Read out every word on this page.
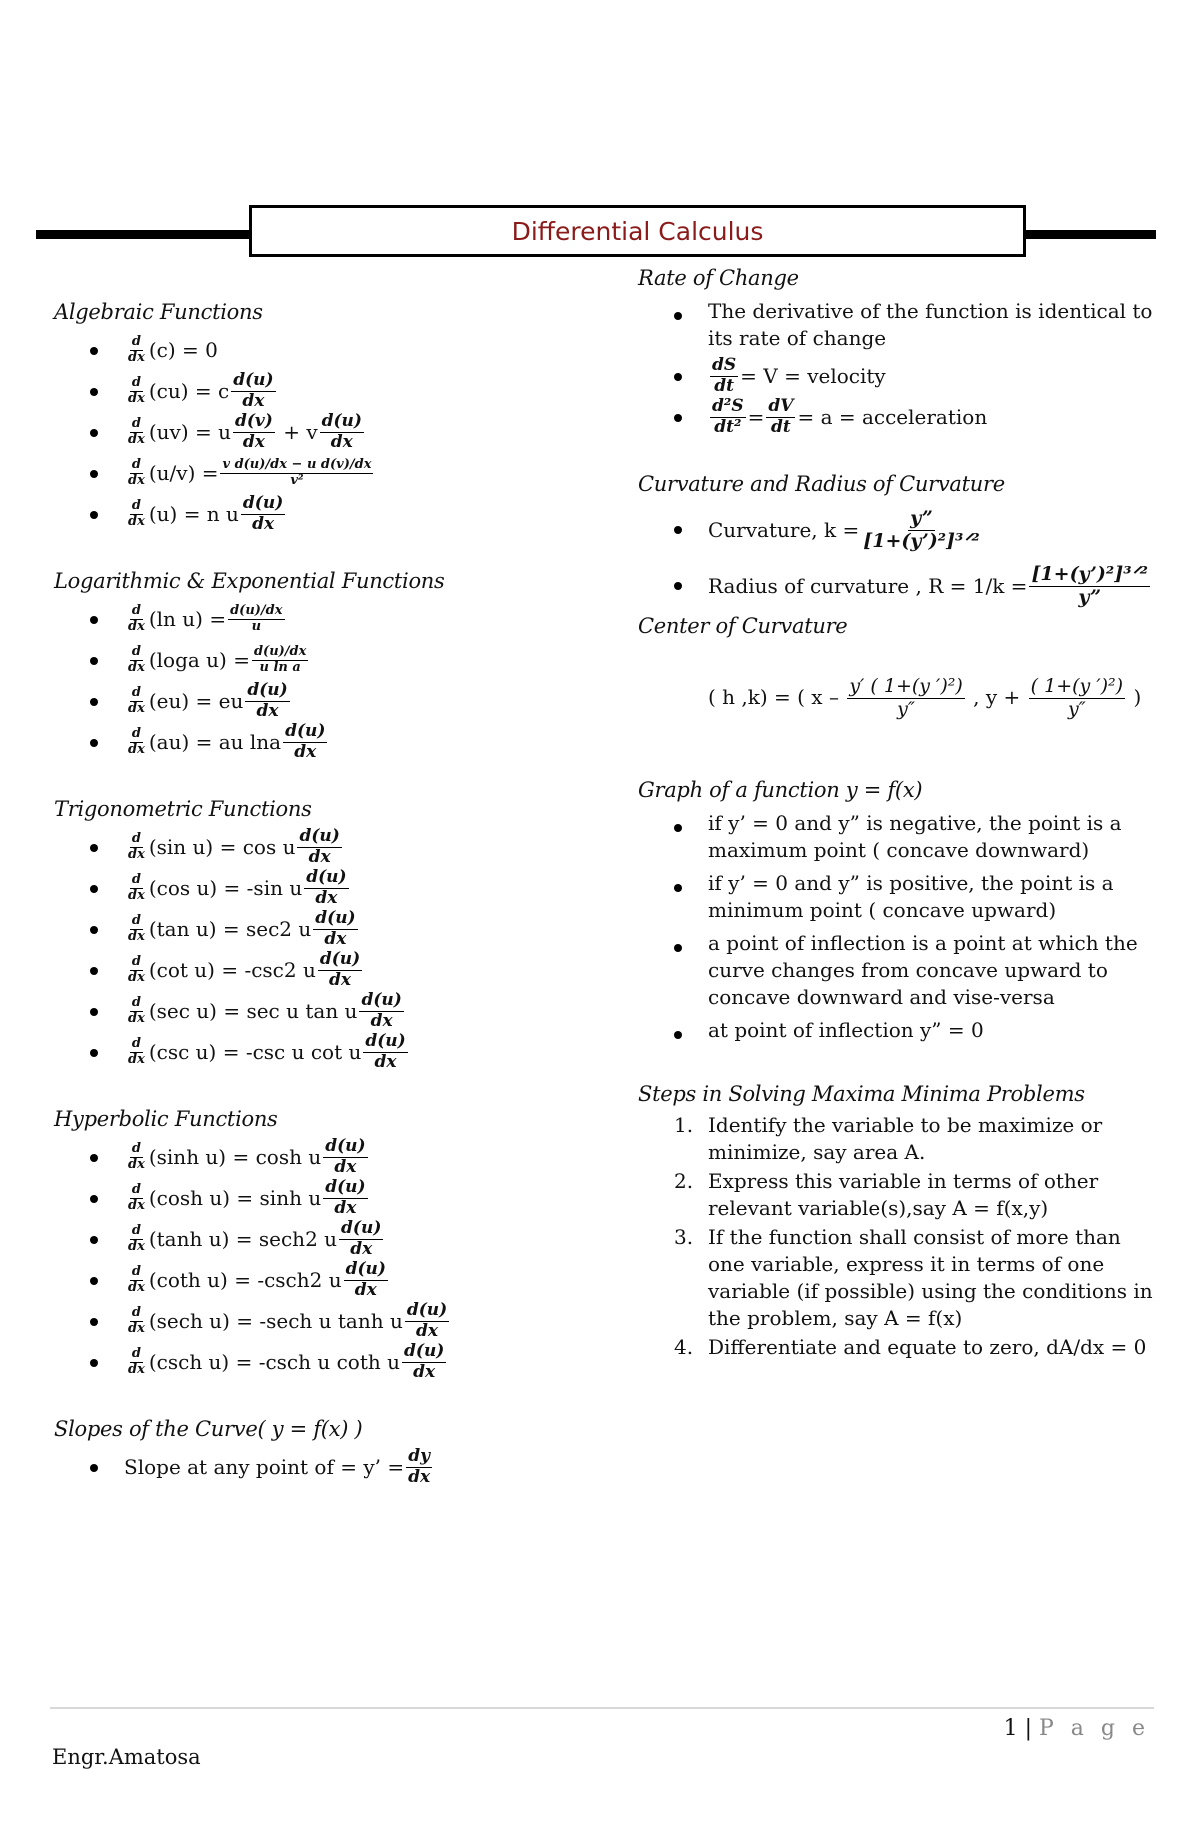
Differential Calculus
Algebraic Functions
$\frac{d}{dx} (c) = 0$
$\frac{d}{dx} (cu) = c \frac{d(u)}{dx}$
$\frac{d}{dx} (uv) = u \frac{d(v)}{dx} + v \frac{d(u)}{dx}$
$\frac{d}{dx} (u/v) = \frac{\text{v d(u)/dx − u d(v)/dx}}{\text{v²}}$
$\frac{d}{dx} (u) = n$ u $\frac{d(u)}{dx}$
Logarithmic & Exponential Functions
$\frac{d}{dx} (\ln$ $u) = \frac{d(u)/dx}{u}$
$\frac{d}{dx} (\log a$ $u) = \frac{d(u)/dx}{\text{u ln a}}$
$\frac{d}{dx} (eu)$ = eu $\frac{d(u)}{dx}$
$\frac{d}{dx} (au)$ = au lna $\frac{d(u)}{dx}$
Trigonometric Functions
$\frac{d}{dx} (\sin$ u) = cos u $\frac{d(u)}{dx}$
$\frac{d}{dx} (\cos$ u) = -sin u $\frac{d(u)}{dx}$
$\frac{d}{dx} (\tan$ u) = sec2 u $\frac{d(u)}{dx}$
$\frac{d}{dx} (\cot$ u) = -csc2 u $\frac{d(u)}{dx}$
$\frac{d}{dx} (\sec$ u) = sec u tan u $\frac{d(u)}{dx}$
$\frac{d}{dx} (\csc$ u) = -csc u cot u $\frac{d(u)}{dx}$
Hyperbolic Functions
$\frac{d}{dx} (\sinh$ u) = cosh u $\frac{d(u)}{dx}$
$\frac{d}{dx} (\cosh$ u) = sinh u $\frac{d(u)}{dx}$
$\frac{d}{dx} (\tanh$ u) = sech2 u $\frac{d(u)}{dx}$
$\frac{d}{dx} (\cot h$ u) = -csch2 u $\frac{d(u)}{dx}$
$\frac{d}{dx} (\sec h$ u) = -sech u tanh u $\frac{d(u)}{dx}$
$\frac{d}{dx} (\csc h$ u) = -csch u coth u $\frac{d(u)}{dx}$
Slopes of the Curve( y = f(x) )
Slope at any point of = y’ = $\frac{dy}{dx}$
Rate of Change
The derivative of the function is identical to its rate of change
$\frac{dS}{dt} = V$ = velocity
$\frac{\text{d²S}}{\text{dt²}} = \frac{dV}{dt} = a$ = acceleration
Curvature and Radius of Curvature
Curvature, $k = \frac{y”}{\text{[1+(y’)²]³ᐟ²}}$
Radius of curvature , $R = 1/k = \frac{\text{[1+(y’)²]³ᐟ²}}{y”}$
Center of Curvature
( h ,k) = ( x – $\frac{\text{y′ ( 1+(y ′)²)}}{y''}$ , $y + \frac{\text{( 1+(y ′)²)}}{y''}$ )
Graph of a function y = f(x)
if y’ = 0 and y” is negative, the point is a maximum point ( concave downward)
if y’ = 0 and y” is positive, the point is a minimum point ( concave upward)
a point of inflection is a point at which the curve changes from concave upward to concave downward and vise-versa
at point of inflection y” = 0
Steps in Solving Maxima Minima Problems
1. Identify the variable to be maximize or minimize, say area A.
2. Express this variable in terms of other relevant variable(s),say A = f(x,y)
3. If the function shall consist of more than one variable, express it in terms of one variable (if possible) using the conditions in the problem, say A = f(x)
4. Differentiate and equate to zero, dA/dx = 0
1 | P a g e
Engr.Amatosa
